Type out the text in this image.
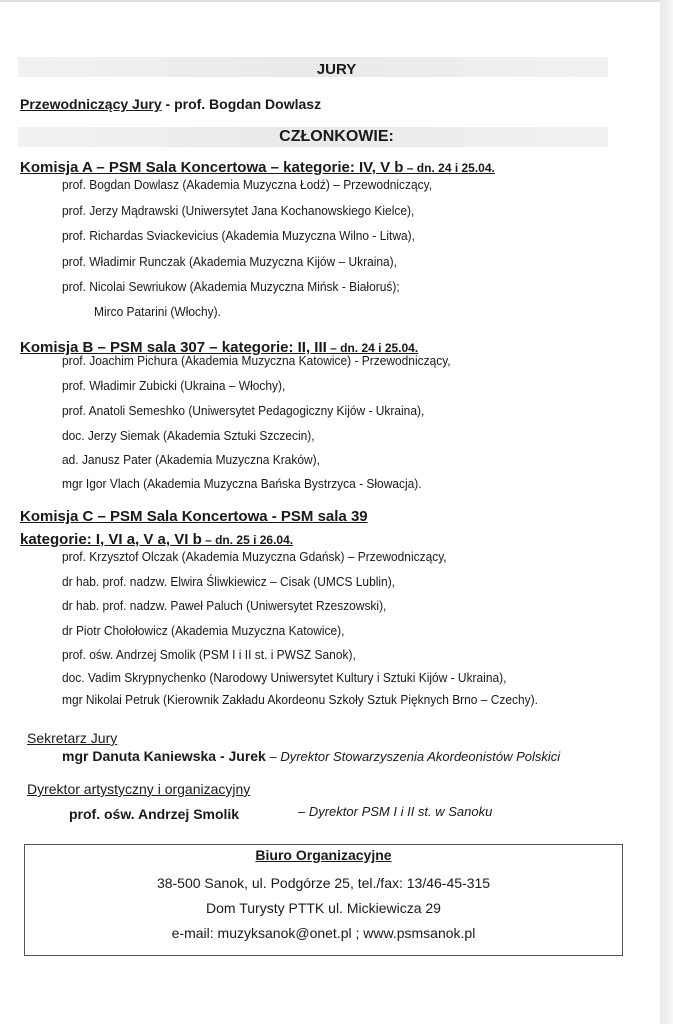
JURY
Przewodniczący Jury - prof. Bogdan Dowlasz
CZŁONKOWIE:
Komisja A – PSM Sala Koncertowa – kategorie: IV, V b – dn. 24 i 25.04.
prof. Bogdan Dowlasz (Akademia Muzyczna Łodź) – Przewodniczący,
prof. Jerzy Mądrawski (Uniwersytet Jana Kochanowskiego Kielce),
prof. Richardas Sviackevicius (Akademia Muzyczna Wilno - Litwa),
prof. Władimir Runczak (Akademia Muzyczna Kijów – Ukraina),
prof. Nicolai Sewriukow (Akademia Muzyczna Mińsk - Białoruś);
Mirco Patarini (Włochy).
Komisja B – PSM sala 307 – kategorie: II, III – dn. 24 i 25.04.
prof. Joachim Pichura (Akademia Muzyczna Katowice) - Przewodniczący,
prof. Władimir Zubicki (Ukraina – Włochy),
prof. Anatoli Semeshko (Uniwersytet Pedagogiczny Kijów - Ukraina),
doc. Jerzy Siemak (Akademia Sztuki Szczecin),
ad. Janusz Pater (Akademia Muzyczna Kraków),
mgr Igor Vlach (Akademia Muzyczna Bańska Bystrzyca - Słowacja).
Komisja C – PSM Sala Koncertowa - PSM sala 39
kategorie: I, VI a, V a, VI b – dn. 25 i 26.04.
prof. Krzysztof Olczak (Akademia Muzyczna Gdańsk) – Przewodniczący,
dr hab. prof. nadzw. Elwira Śliwkiewicz – Cisak (UMCS Lublin),
dr hab. prof. nadzw. Paweł Paluch (Uniwersytet Rzeszowski),
dr Piotr Chołołowicz (Akademia Muzyczna Katowice),
prof. ośw. Andrzej Smolik (PSM I i II st. i PWSZ Sanok),
doc. Vadim Skrypnychenko (Narodowy Uniwersytet Kultury i Sztuki Kijów - Ukraina),
mgr Nikolai Petruk (Kierownik Zakładu Akordeonu Szkoły Sztuk Pięknych Brno – Czechy).
Sekretarz Jury
mgr Danuta Kaniewska - Jurek – Dyrektor Stowarzyszenia Akordeonistów Polskici
Dyrektor artystyczny i organizacyjny
prof. ośw. Andrzej Smolik	– Dyrektor PSM I i II st. w Sanoku
Biuro Organizacyjne
38-500 Sanok, ul. Podgórze 25, tel./fax: 13/46-45-315
Dom Turysty PTTK ul. Mickiewicza 29
e-mail: muzyksanok@onet.pl ; www.psmsanok.pl
